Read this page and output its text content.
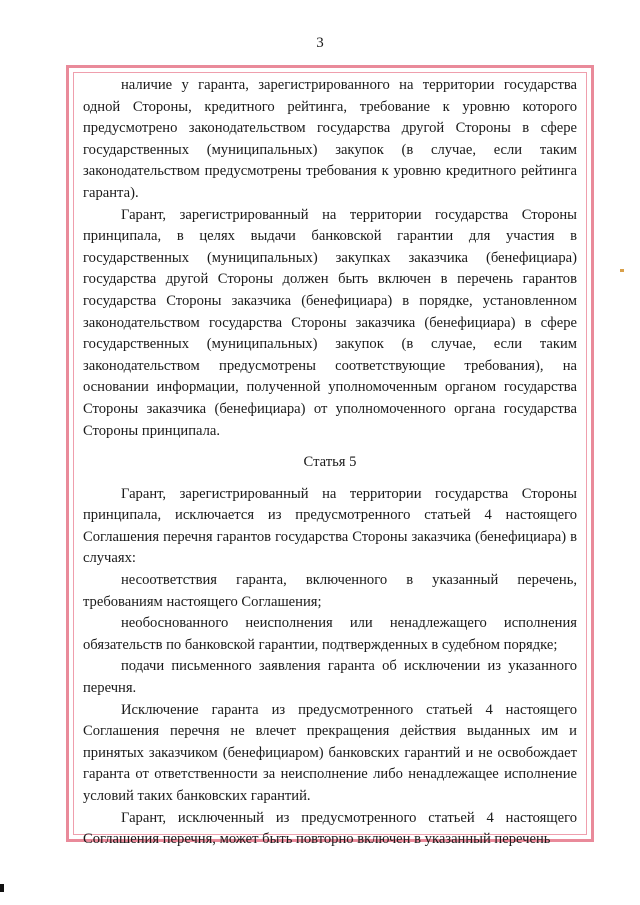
3

наличие у гаранта, зарегистрированного на территории государства одной Стороны, кредитного рейтинга, требование к уровню которого предусмотрено законодательством государства другой Стороны в сфере государственных (муниципальных) закупок (в случае, если таким законодательством предусмотрены требования к уровню кредитного рейтинга гаранта).

Гарант, зарегистрированный на территории государства Стороны принципала, в целях выдачи банковской гарантии для участия в государственных (муниципальных) закупках заказчика (бенефициара) государства другой Стороны должен быть включен в перечень гарантов государства Стороны заказчика (бенефициара) в порядке, установленном законодательством государства Стороны заказчика (бенефициара) в сфере государственных (муниципальных) закупок (в случае, если таким законодательством предусмотрены соответствующие требования), на основании информации, полученной уполномоченным органом государства Стороны заказчика (бенефициара) от уполномоченного органа государства Стороны принципала.

Статья 5

Гарант, зарегистрированный на территории государства Стороны принципала, исключается из предусмотренного статьей 4 настоящего Соглашения перечня гарантов государства Стороны заказчика (бенефициара) в случаях:

несоответствия гаранта, включенного в указанный перечень, требованиям настоящего Соглашения;

необоснованного неисполнения или ненадлежащего исполнения обязательств по банковской гарантии, подтвержденных в судебном порядке;

подачи письменного заявления гаранта об исключении из указанного перечня.

Исключение гаранта из предусмотренного статьей 4 настоящего Соглашения перечня не влечет прекращения действия выданных им и принятых заказчиком (бенефициаром) банковских гарантий и не освобождает гаранта от ответственности за неисполнение либо ненадлежащее исполнение условий таких банковских гарантий.

Гарант, исключенный из предусмотренного статьей 4 настоящего Соглашения перечня, может быть повторно включен в указанный перечень
